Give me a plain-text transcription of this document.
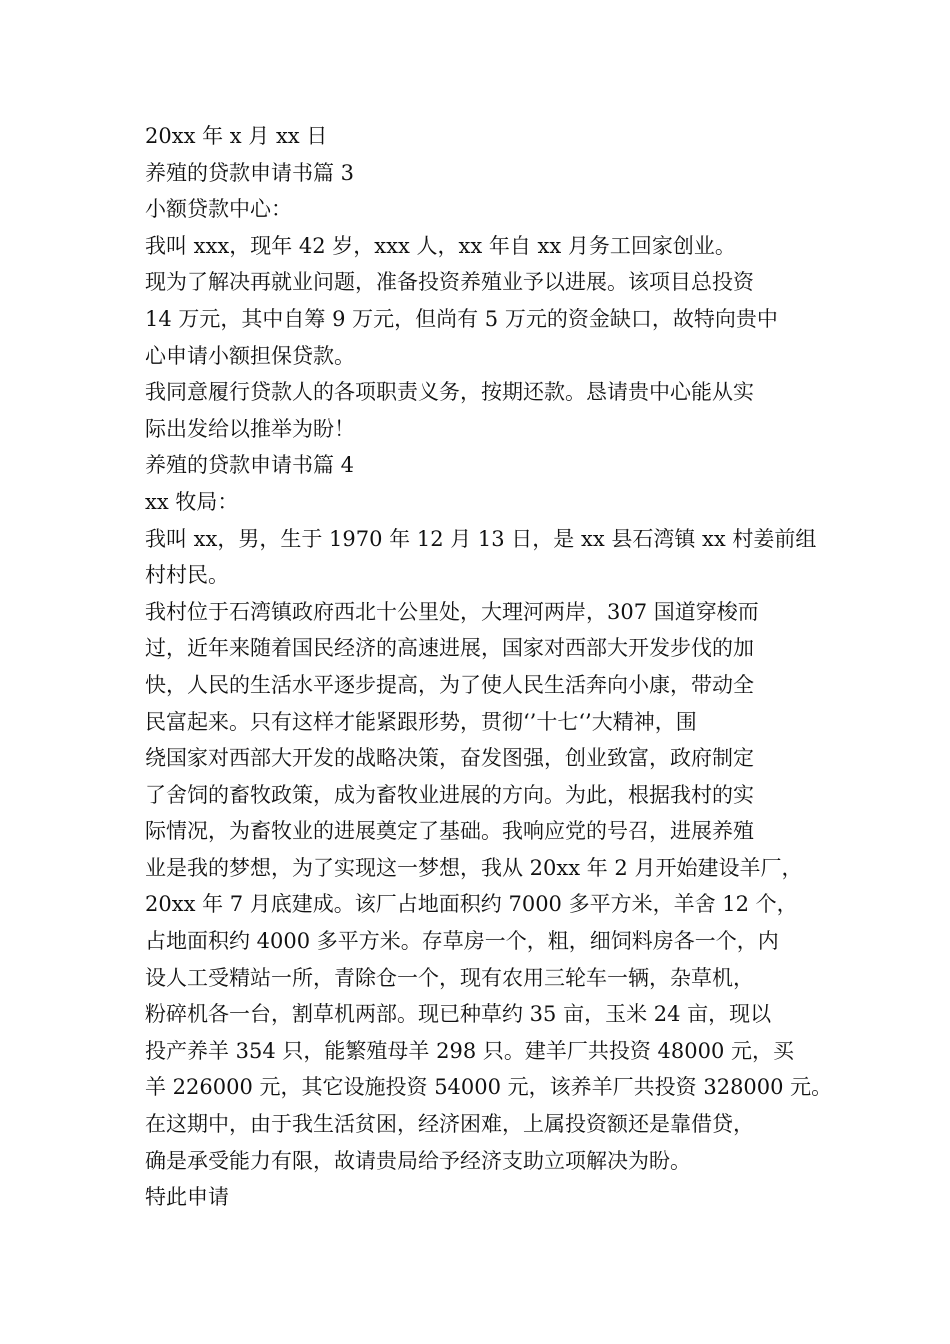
20xx 年 x 月 xx 日
养殖的贷款申请书篇 3
小额贷款中心：
我叫 xxx，现年 42 岁，xxx 人，xx 年自 xx 月务工回家创业。
现为了解决再就业问题，准备投资养殖业予以进展。该项目总投资
14 万元，其中自筹 9 万元，但尚有 5 万元的资金缺口，故特向贵中
心申请小额担保贷款。
我同意履行贷款人的各项职责义务，按期还款。恳请贵中心能从实
际出发给以推举为盼！
养殖的贷款申请书篇 4
xx 牧局：
我叫 xx，男，生于 1970 年 12 月 13 日，是 xx 县石湾镇 xx 村姜前组
村村民。
我村位于石湾镇政府西北十公里处，大理河两岸，307 国道穿梭而
过，近年来随着国民经济的高速进展，国家对西部大开发步伐的加
快，人民的生活水平逐步提高，为了使人民生活奔向小康，带动全
民富起来。只有这样才能紧跟形势，贯彻‘’十七‘’大精神，围
绕国家对西部大开发的战略决策，奋发图强，创业致富，政府制定
了舍饲的畜牧政策，成为畜牧业进展的方向。为此，根据我村的实
际情况，为畜牧业的进展奠定了基础。我响应党的号召，进展养殖
业是我的梦想，为了实现这一梦想，我从 20xx 年 2 月开始建设羊厂，
20xx 年 7 月底建成。该厂占地面积约 7000 多平方米，羊舍 12 个，
占地面积约 4000 多平方米。存草房一个，粗，细饲料房各一个，内
设人工受精站一所，青除仓一个，现有农用三轮车一辆，杂草机，
粉碎机各一台，割草机两部。现已种草约 35 亩，玉米 24 亩，现以
投产养羊 354 只，能繁殖母羊 298 只。建羊厂共投资 48000 元，买
羊 226000 元，其它设施投资 54000 元，该养羊厂共投资 328000 元。
在这期中，由于我生活贫困，经济困难，上属投资额还是靠借贷，
确是承受能力有限，故请贵局给予经济支助立项解决为盼。
特此申请
